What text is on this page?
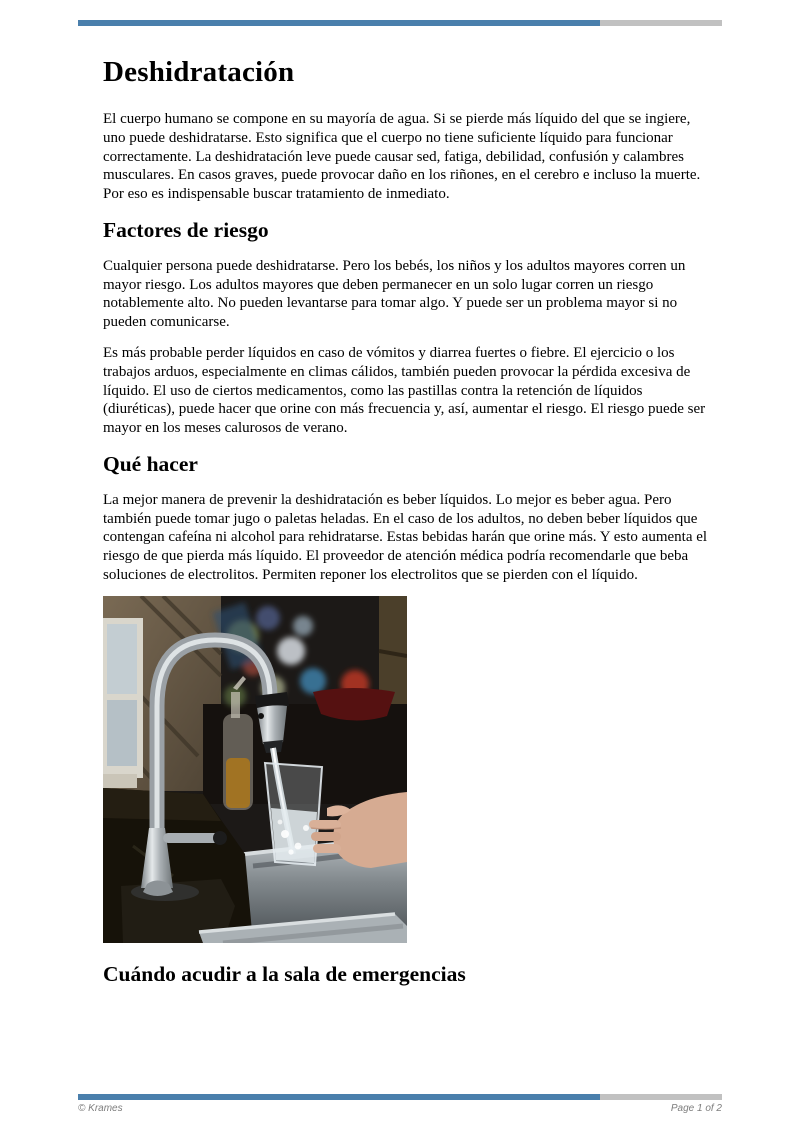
Deshidratación

El cuerpo humano se compone en su mayoría de agua. Si se pierde más líquido del que se ingiere, uno puede deshidratarse. Esto significa que el cuerpo no tiene suficiente líquido para funcionar correctamente. La deshidratación leve puede causar sed, fatiga, debilidad, confusión y calambres musculares. En casos graves, puede provocar daño en los riñones, en el cerebro e incluso la muerte. Por eso es indispensable buscar tratamiento de inmediato.

Factores de riesgo

Cualquier persona puede deshidratarse. Pero los bebés, los niños y los adultos mayores corren un mayor riesgo. Los adultos mayores que deben permanecer en un solo lugar corren un riesgo notablemente alto. No pueden levantarse para tomar algo. Y puede ser un problema mayor si no pueden comunicarse.

Es más probable perder líquidos en caso de vómitos y diarrea fuertes o fiebre. El ejercicio o los trabajos arduos, especialmente en climas cálidos, también pueden provocar la pérdida excesiva de líquido. El uso de ciertos medicamentos, como las pastillas contra la retención de líquidos (diuréticas), puede hacer que orine con más frecuencia y, así, aumentar el riesgo. El riesgo puede ser mayor en los meses calurosos de verano.

Qué hacer

La mejor manera de prevenir la deshidratación es beber líquidos. Lo mejor es beber agua. Pero también puede tomar jugo o paletas heladas. En el caso de los adultos, no deben beber líquidos que contengan cafeína ni alcohol para rehidratarse. Estas bebidas harán que orine más. Y esto aumenta el riesgo de que pierda más líquido. El proveedor de atención médica podría recomendarle que beba soluciones de electrolitos. Permiten reponer los electrolitos que se pierden con el líquido.

Cuándo acudir a la sala de emergencias
© Krames	Page 1 of 2
